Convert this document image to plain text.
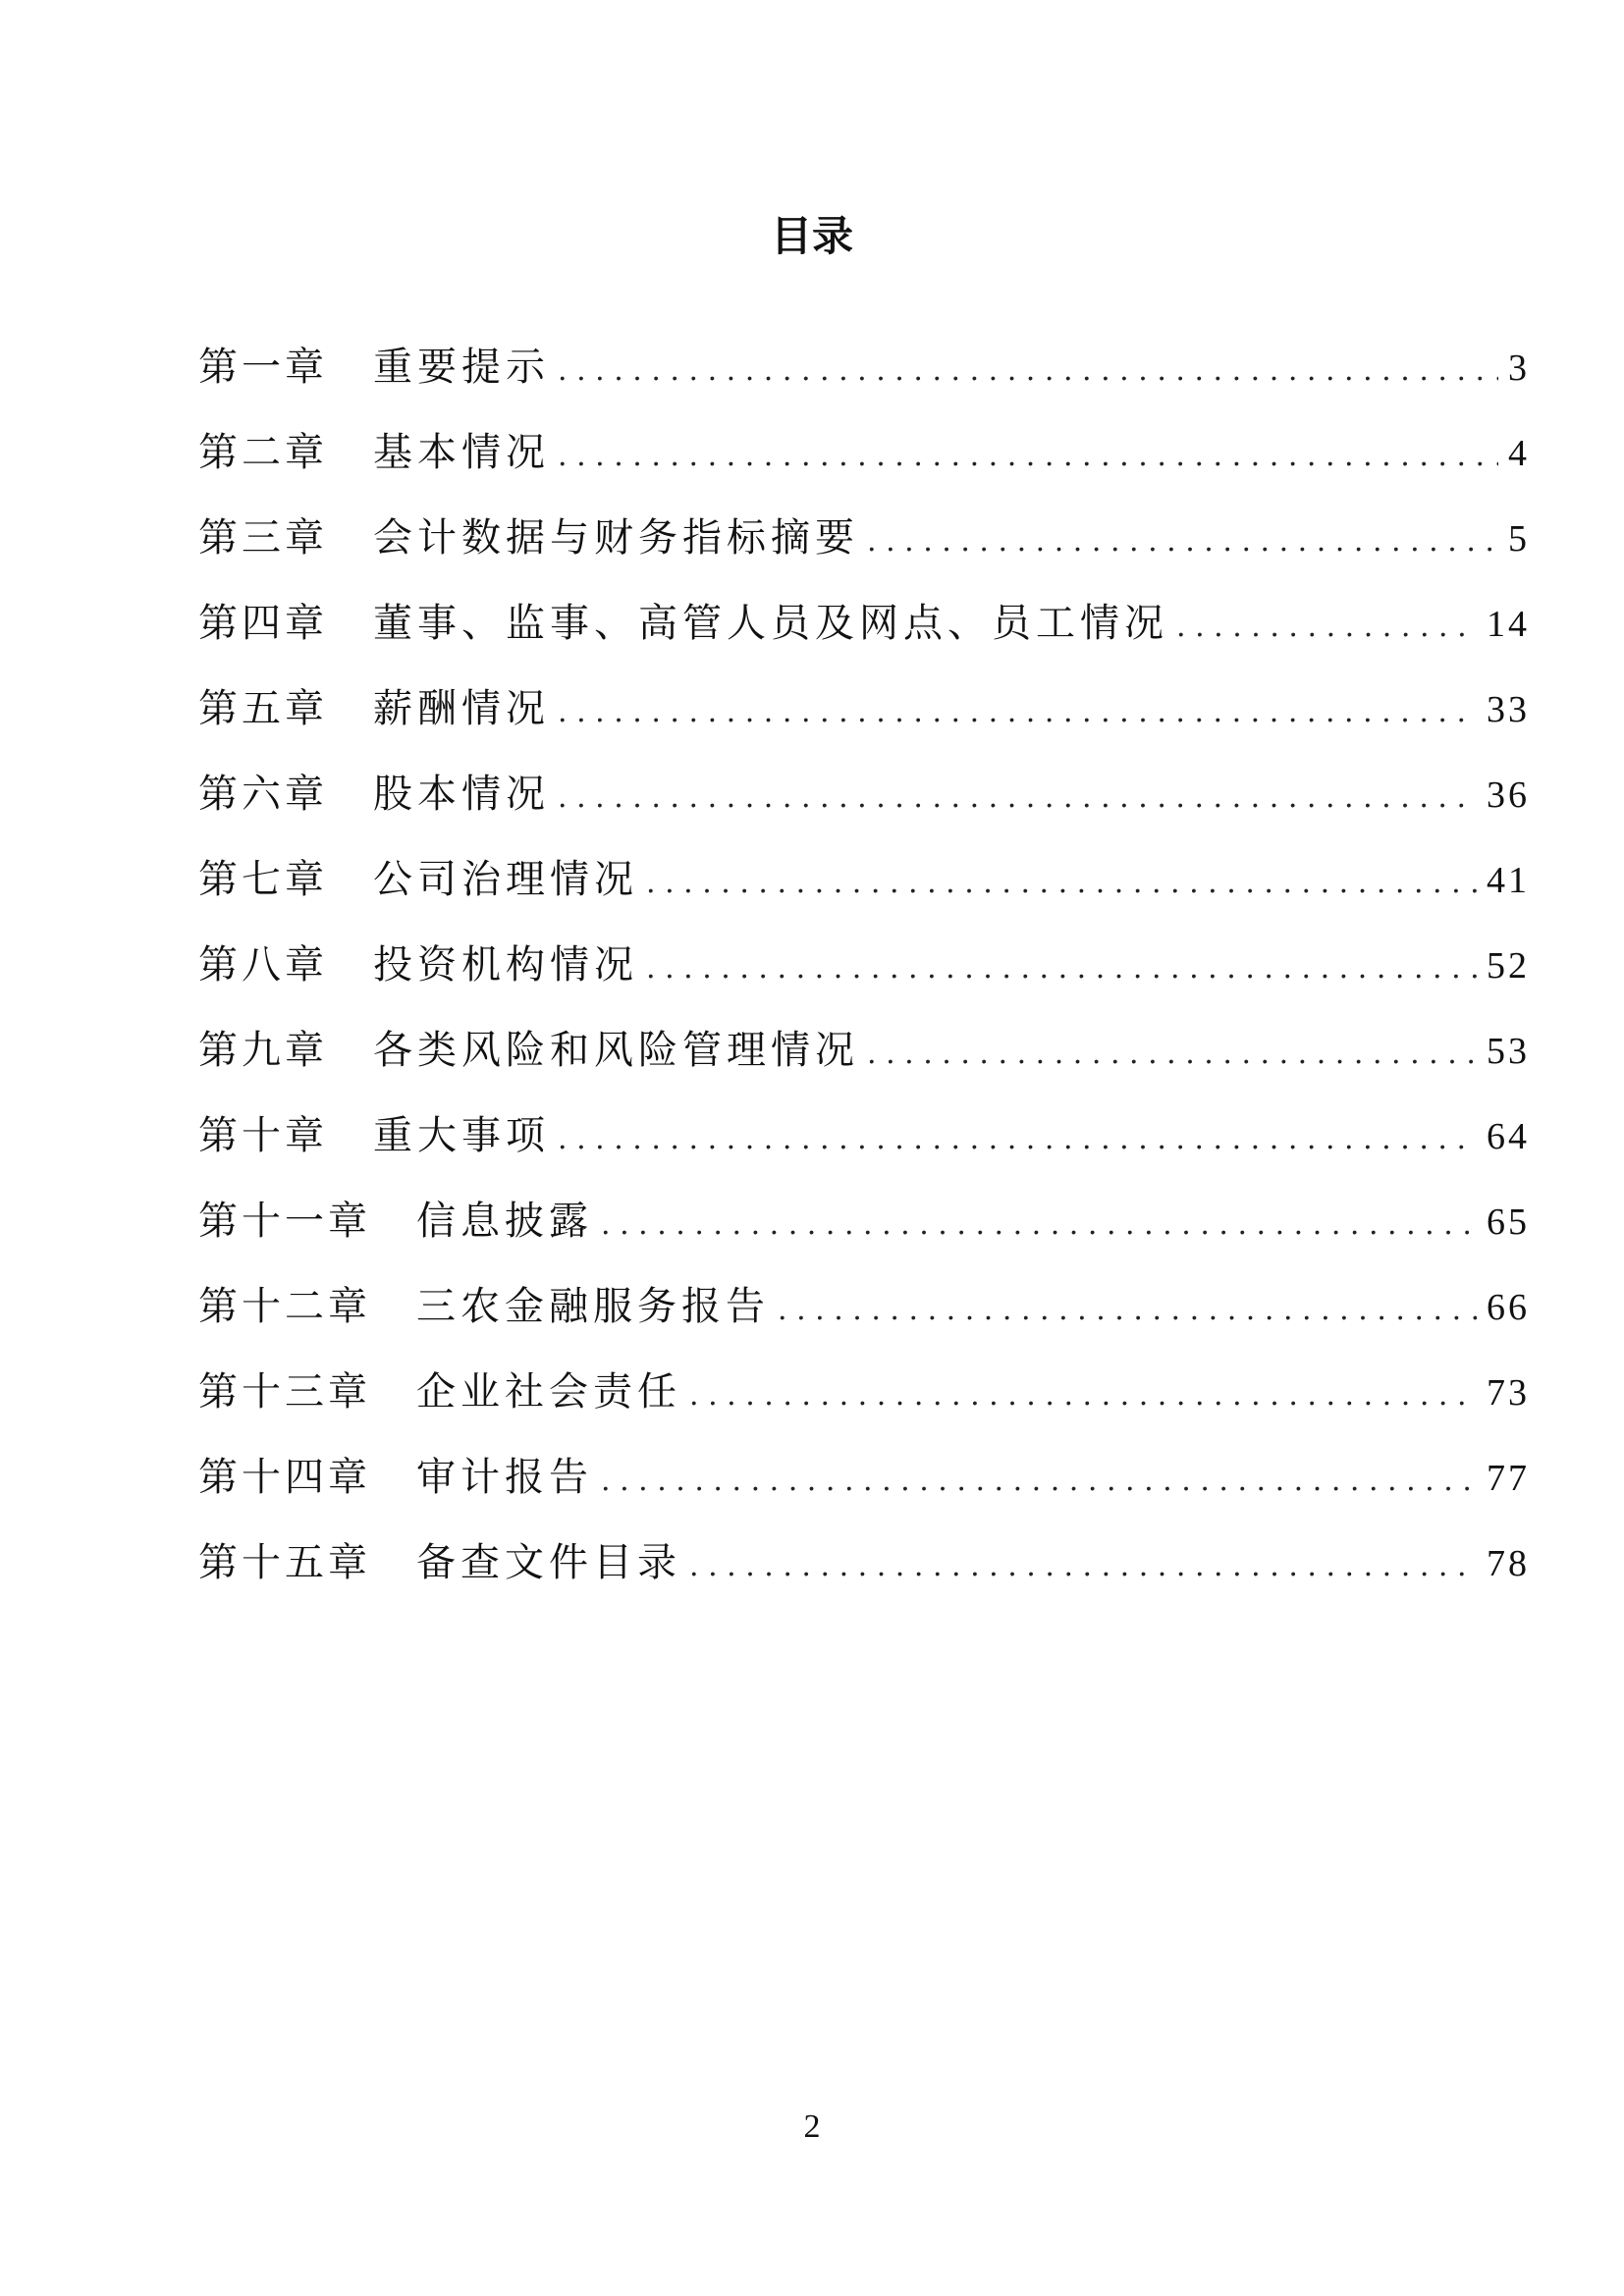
目录
第一章	重要提示 . . .	3
第二章	基本情况 . . .	4
第三章	会计数据与财务指标摘要 . . .	5
第四章	董事、监事、高管人员及网点、员工情况 . . .	14
第五章	薪酬情况 . . .	33
第六章	股本情况 . . .	36
第七章	公司治理情况 . . .	41
第八章	投资机构情况 . . .	52
第九章	各类风险和风险管理情况 . . .	53
第十章	重大事项 . . .	64
第十一章	信息披露 . . .	65
第十二章	三农金融服务报告 . . .	66
第十三章	企业社会责任 . . .	73
第十四章	审计报告 . . .	77
第十五章	备查文件目录 . . .	78
2
